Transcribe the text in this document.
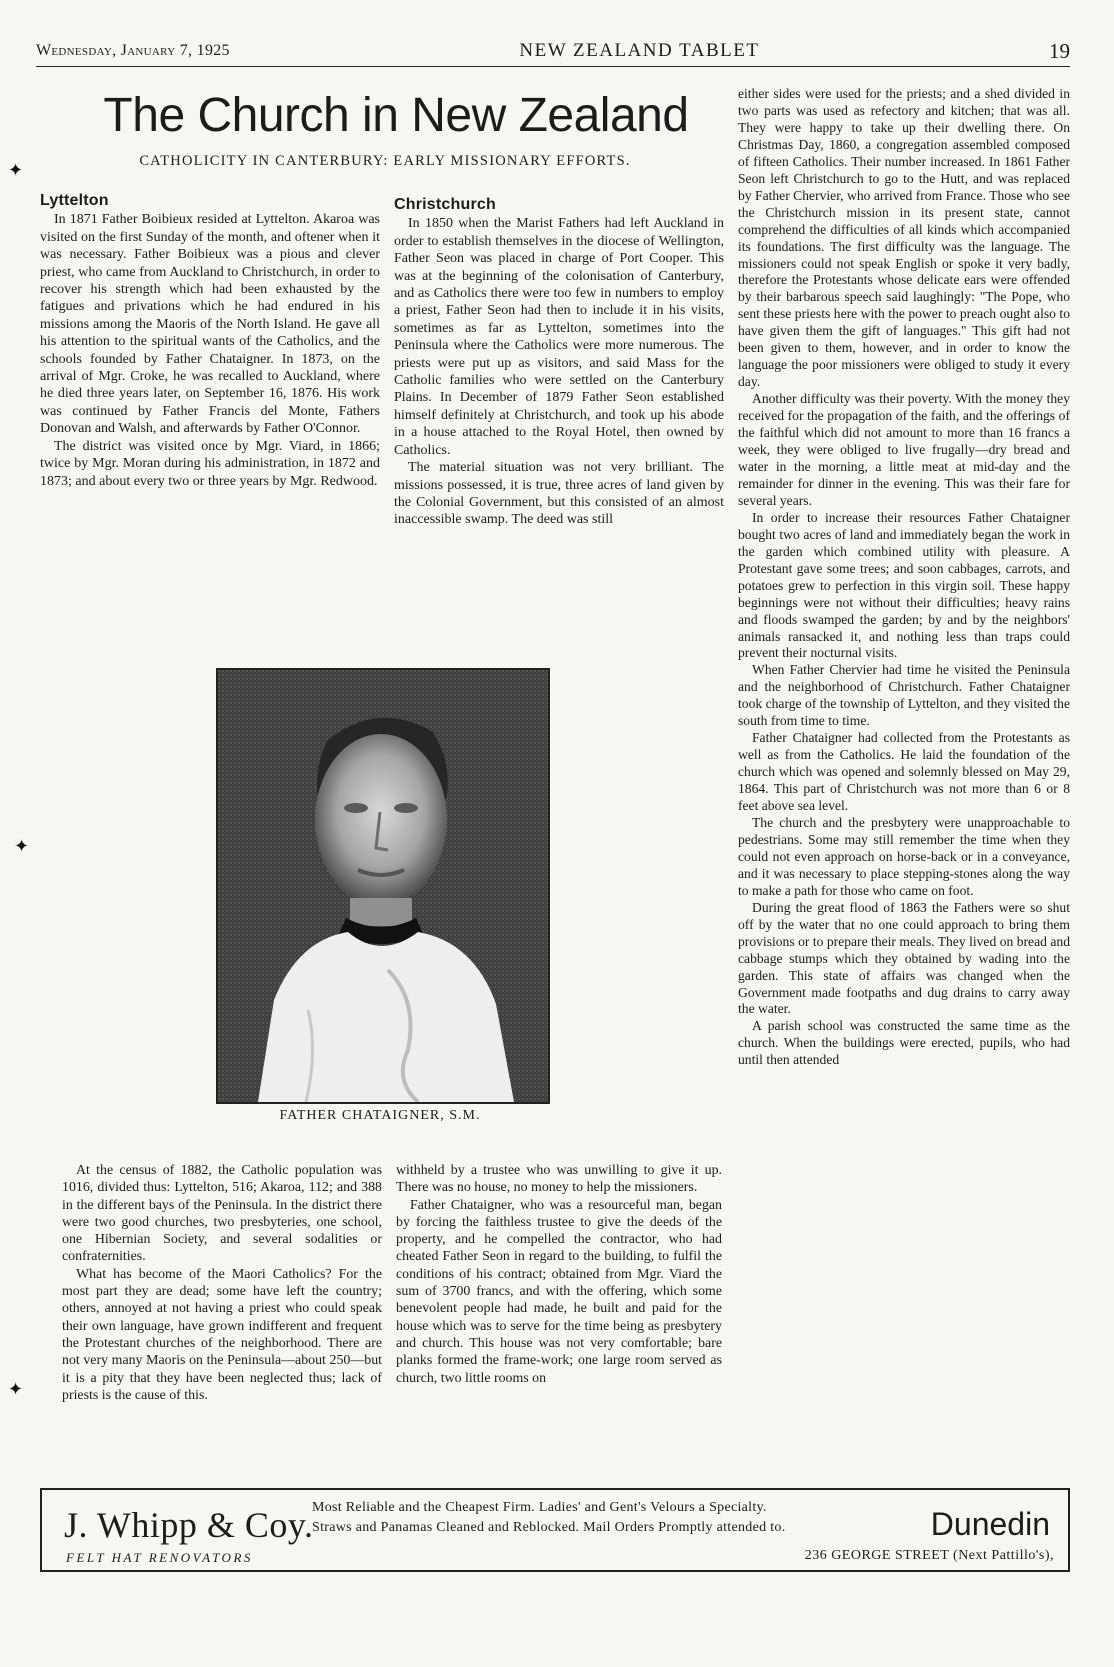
Wednesday, January 7, 1925	NEW ZEALAND TABLET	19
The Church in New Zealand
CATHOLICITY IN CANTERBURY: EARLY MISSIONARY EFFORTS.
Lyttelton

In 1871 Father Boibieux resided at Lyttelton. Akaroa was visited on the first Sunday of the month, and oftener when it was necessary. Father Boibieux was a pious and clever priest, who came from Auckland to Christchurch, in order to recover his strength which had been exhausted by the fatigues and privations which he had endured in his missions among the Maoris of the North Island. He gave all his attention to the spiritual wants of the Catholics, and the schools founded by Father Chataigner. In 1873, on the arrival of Mgr. Croke, he was recalled to Auckland, where he died three years later, on September 16, 1876. His work was continued by Father Francis del Monte, Fathers Donovan and Walsh, and afterwards by Father O'Connor.

The district was visited once by Mgr. Viard, in 1866; twice by Mgr. Moran during his administration, in 1872 and 1873; and about every two or three years by Mgr. Redwood.

Christchurch

In 1850 when the Marist Fathers had left Auckland in order to establish themselves in the diocese of Wellington, Father Seon was placed in charge of Port Cooper. This was at the beginning of the colonisation of Canterbury, and as Catholics there were too few in numbers to employ a priest, Father Seon had then to include it in his visits, sometimes as far as Lyttelton, sometimes into the Peninsula where the Catholics were more numerous. The priests were put up as visitors, and said Mass for the Catholic families who were settled on the Canterbury Plains. In December of 1879 Father Seon established himself definitely at Christchurch, and took up his abode in a house attached to the Royal Hotel, then owned by Catholics.

The material situation was not very brilliant. The missions possessed, it is true, three acres of land given by the Colonial Government, but this consisted of an almost inaccessible swamp. The deed was still

either sides were used for the priests; and a shed divided in two parts was used as refectory and kitchen; that was all. They were happy to take up their dwelling there. On Christmas Day, 1860, a congregation assembled composed of fifteen Catholics. Their number increased. In 1861 Father Seon left Christchurch to go to the Hutt, and was replaced by Father Chervier, who arrived from France. Those who see the Christchurch mission in its present state, cannot comprehend the difficulties of all kinds which accompanied its foundations. The first difficulty was the language. The missioners could not speak English or spoke it very badly, therefore the Protestants whose delicate ears were offended by their barbarous speech said laughingly: "The Pope, who sent these priests here with the power to preach ought also to have given them the gift of languages." This gift had not been given to them, however, and in order to know the language the poor missioners were obliged to study it every day.

Another difficulty was their poverty. With the money they received for the propagation of the faith, and the offerings of the faithful which did not amount to more than 16 francs a week, they were obliged to live frugally—dry bread and water in the morning, a little meat at mid-day and the remainder for dinner in the evening. This was their fare for several years.

In order to increase their resources Father Chataigner bought two acres of land and immediately began the work in the garden which combined utility with pleasure. A Protestant gave some trees; and soon cabbages, carrots, and potatoes grew to perfection in this virgin soil. These happy beginnings were not without their difficulties; heavy rains and floods swamped the garden; by and by the neighbors' animals ransacked it, and nothing less than traps could prevent their nocturnal visits.

When Father Chervier had time he visited the Peninsula and the neighborhood of Christchurch. Father Chataigner took charge of the township of Lyttelton, and they visited the south from time to time.

Father Chataigner had collected from the Protestants as well as from the Catholics. He laid the foundation of the church which was opened and solemnly blessed on May 29, 1864. This part of Christchurch was not more than 6 or 8 feet above sea level.

The church and the presbytery were unapproachable to pedestrians. Some may still remember the time when they could not even approach on horse-back or in a conveyance, and it was necessary to place stepping-stones along the way to make a path for those who came on foot.

During the great flood of 1863 the Fathers were so shut off by the water that no one could approach to bring them provisions or to prepare their meals. They lived on bread and cabbage stumps which they obtained by wading into the garden. This state of affairs was changed when the Government made footpaths and dug drains to carry away the water.

A parish school was constructed the same time as the church. When the buildings were erected, pupils, who had until then attended

FATHER CHATAIGNER, S.M.

At the census of 1882, the Catholic population was 1016, divided thus: Lyttelton, 516; Akaroa, 112; and 388 in the different bays of the Peninsula. In the district there were two good churches, two presbyteries, one school, one Hibernian Society, and several sodalities or confraternities.

What has become of the Maori Catholics? For the most part they are dead; some have left the country; others, annoyed at not having a priest who could speak their own language, have grown indifferent and frequent the Protestant churches of the neighborhood. There are not very many Maoris on the Peninsula—about 250—but it is a pity that they have been neglected thus; lack of priests is the cause of this.

withheld by a trustee who was unwilling to give it up. There was no house, no money to help the missioners.

Father Chataigner, who was a resourceful man, began by forcing the faithless trustee to give the deeds of the property, and he compelled the contractor, who had cheated Father Seon in regard to the building, to fulfil the conditions of his contract; obtained from Mgr. Viard the sum of 3700 francs, and with the offering, which some benevolent people had made, he built and paid for the house which was to serve for the time being as presbytery and church. This house was not very comfortable; bare planks formed the frame-work; one large room served as church, two little rooms on

✦
✦
✦
J. Whipp & Coy.
FELT HAT RENOVATORS
Most Reliable and the Cheapest Firm. Ladies' and Gent's Velours a Specialty.
Straws and Panamas Cleaned and Reblocked. Mail Orders Promptly attended to.	Dunedin
236 GEORGE STREET (Next Pattillo's),
